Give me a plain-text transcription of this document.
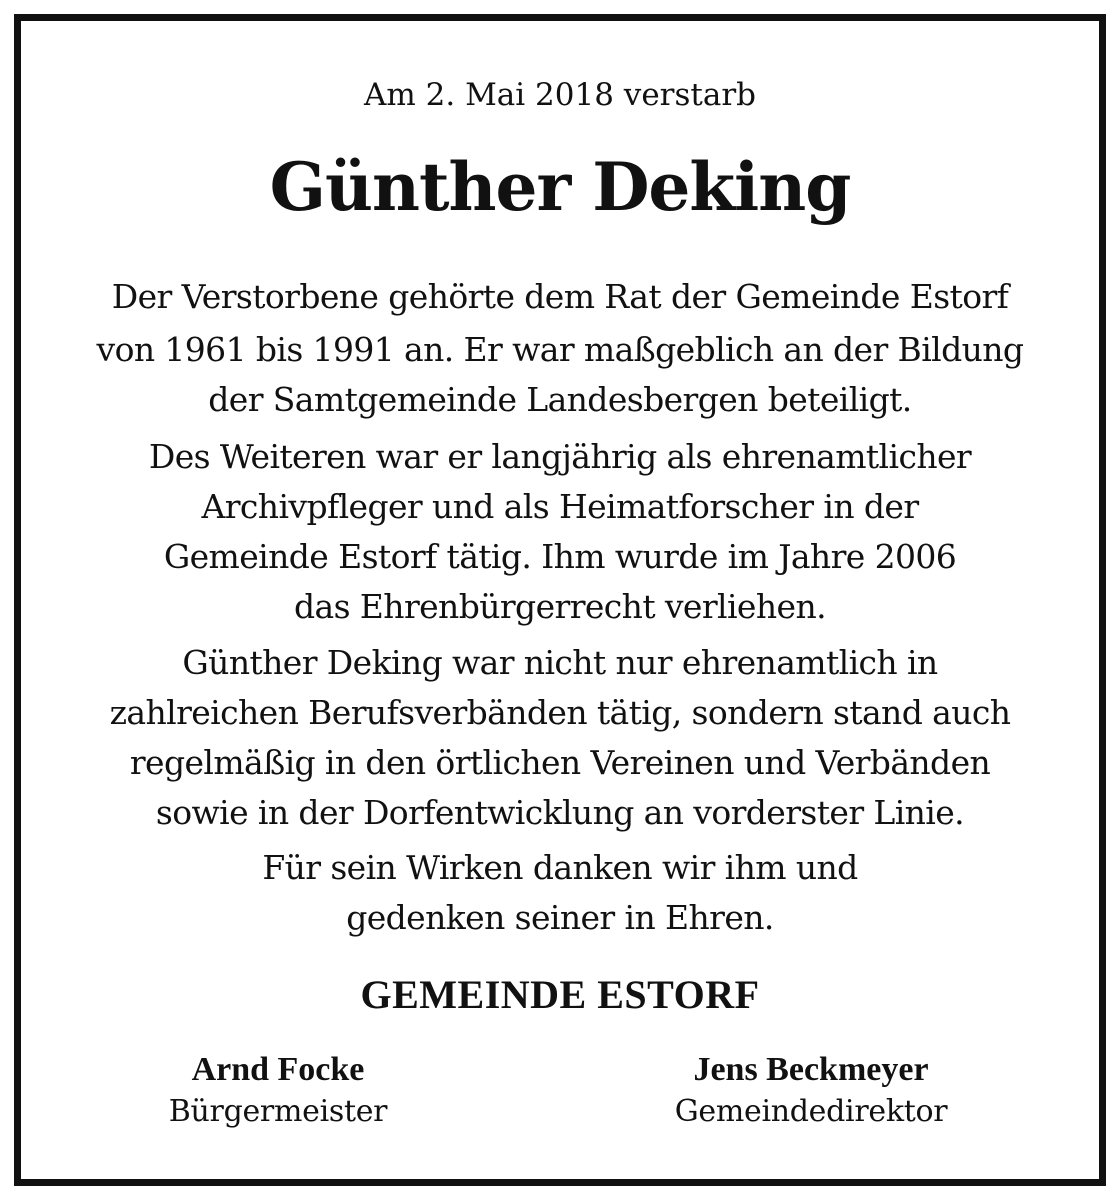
Am 2. Mai 2018 verstarb
Günther Deking
Der Verstorbene gehörte dem Rat der Gemeinde Estorf
von 1961 bis 1991 an. Er war maßgeblich an der Bildung
der Samtgemeinde Landesbergen beteiligt.
Des Weiteren war er langjährig als ehrenamtlicher
Archivpfleger und als Heimatforscher in der
Gemeinde Estorf tätig. Ihm wurde im Jahre 2006
das Ehrenbürgerrecht verliehen.
Günther Deking war nicht nur ehrenamtlich in
zahlreichen Berufsverbänden tätig, sondern stand auch
regelmäßig in den örtlichen Vereinen und Verbänden
sowie in der Dorfentwicklung an vorderster Linie.
Für sein Wirken danken wir ihm und
gedenken seiner in Ehren.
GEMEINDE ESTORF
Arnd Focke
Bürgermeister
Jens Beckmeyer
Gemeindedirektor
